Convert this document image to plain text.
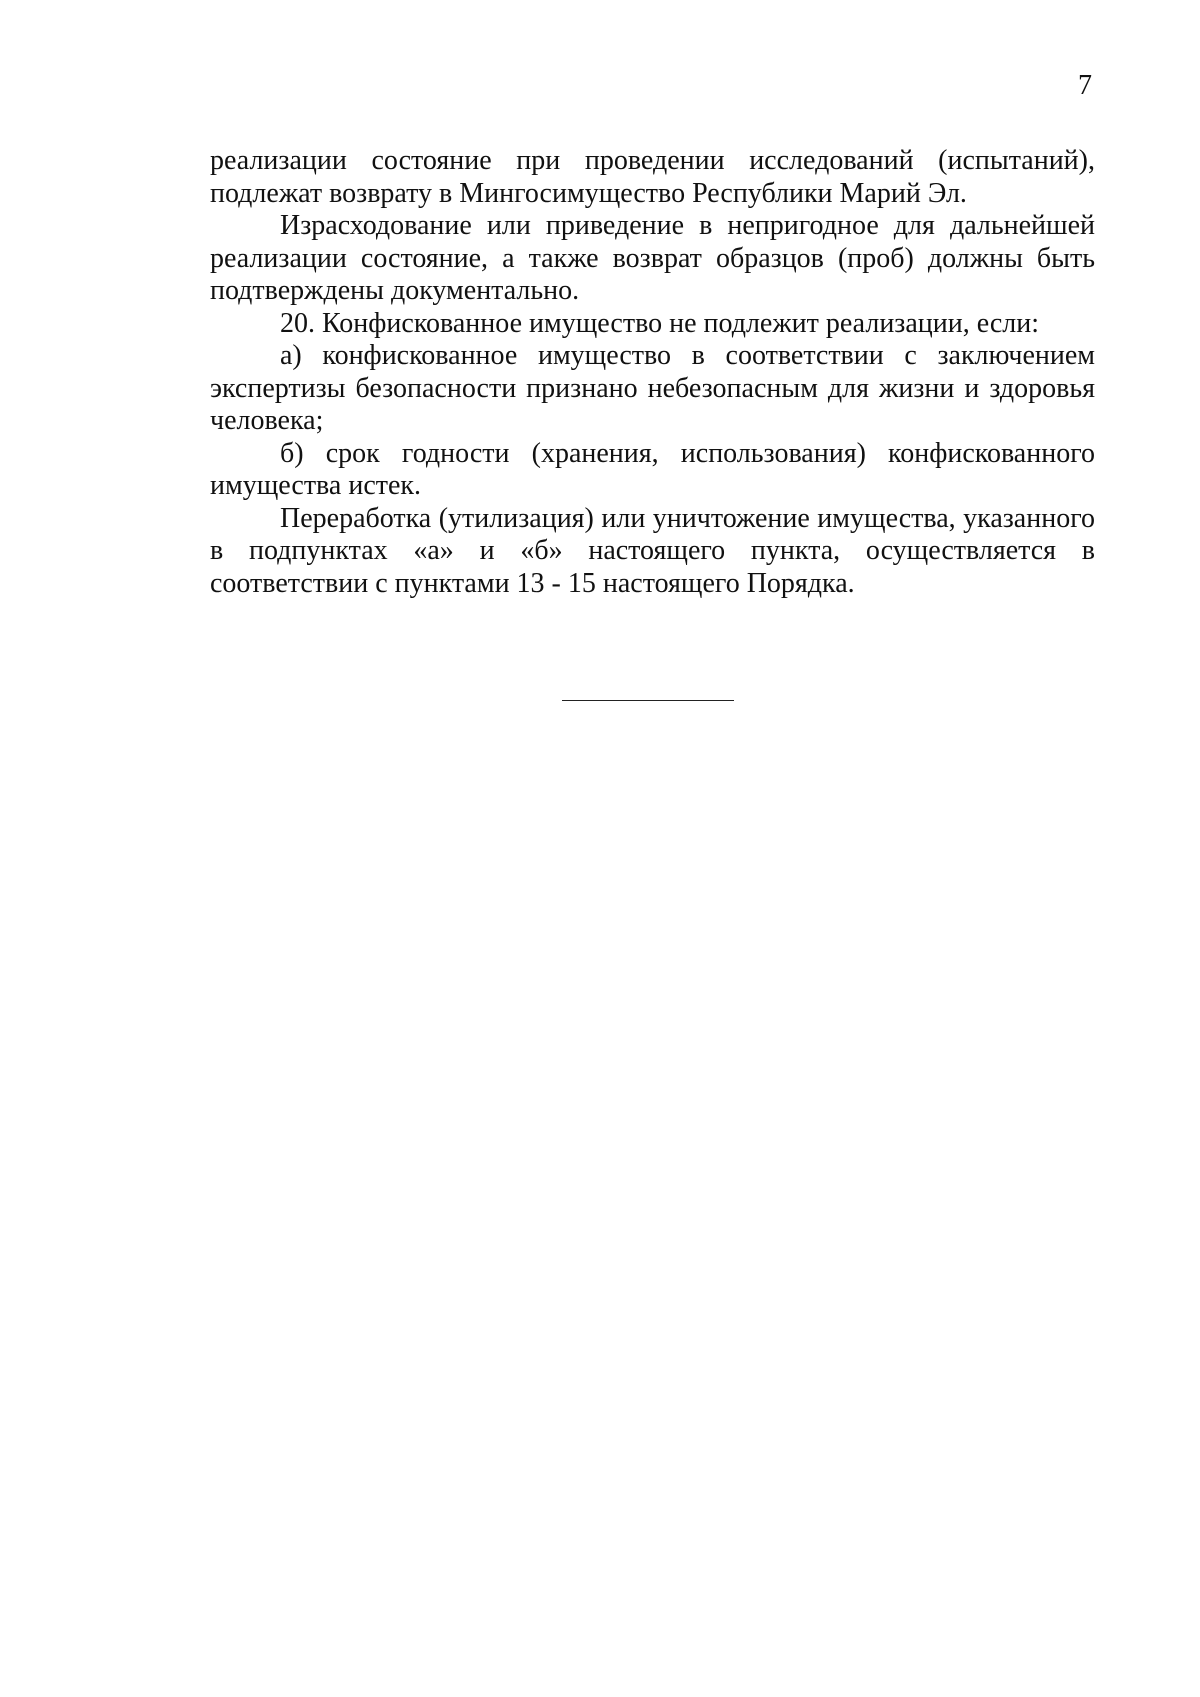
7

реализации состояние при проведении исследований (испытаний), подлежат возврату в Мингосимущество Республики Марий Эл.

Израсходование или приведение в непригодное для дальнейшей реализации состояние, а также возврат образцов (проб) должны быть подтверждены документально.

20. Конфискованное имущество не подлежит реализации, если:

а) конфискованное имущество в соответствии с заключением экспертизы безопасности признано небезопасным для жизни и здоровья человека;

б) срок годности (хранения, использования) конфискованного имущества истек.

Переработка (утилизация) или уничтожение имущества, указанного в подпунктах «а» и «б» настоящего пункта, осуществляется в соответствии с пунктами 13 - 15 настоящего Порядка.
